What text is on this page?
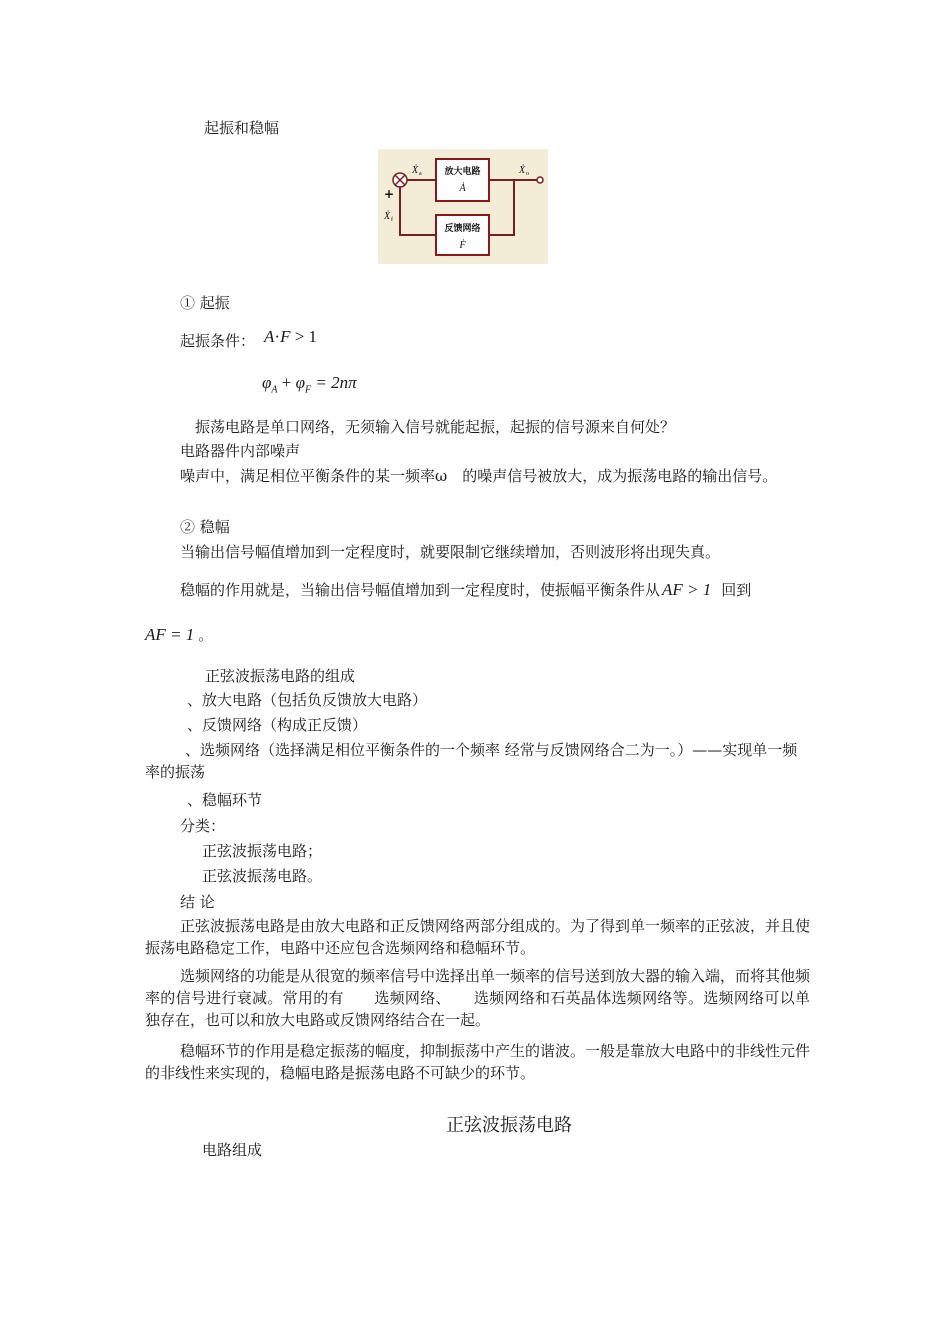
起振和稳幅
放大电路
Ȧ
反馈网络
Ḟ
Ẋ a	Ẋ o
Ẋ f
+
① 起振
起振条件： A·F > 1
$\varphi_A + \varphi_F = 2n\pi$
振荡电路是单口网络，无须输入信号就能起振，起振的信号源来自何处？
电路器件内部噪声
噪声中，满足相位平衡条件的某一频率ω　的噪声信号被放大，成为振荡电路的输出信号。
② 稳幅
当输出信号幅值增加到一定程度时，就要限制它继续增加，否则波形将出现失真。
稳幅的作用就是，当输出信号幅值增加到一定程度时，使振幅平衡条件从 AF > 1 回到
AF = 1 。
正弦波振荡电路的组成
、放大电路（包括负反馈放大电路）
、反馈网络（构成正反馈）
、选频网络（选择满足相位平衡条件的一个频率 经常与反馈网络合二为一。）——实现单一频率的振荡
、稳幅环节
分类：
正弦波振荡电路；
正弦波振荡电路。
结 论
正弦波振荡电路是由放大电路和正反馈网络两部分组成的。为了得到单一频率的正弦波，并且使振荡电路稳定工作，电路中还应包含选频网络和稳幅环节。
选频网络的功能是从很宽的频率信号中选择出单一频率的信号送到放大器的输入端，而将其他频率的信号进行衰减。常用的有　　选频网络、　　选频网络和石英晶体选频网络等。选频网络可以单独存在，也可以和放大电路或反馈网络结合在一起。
稳幅环节的作用是稳定振荡的幅度，抑制振荡中产生的谐波。一般是靠放大电路中的非线性元件的非线性来实现的，稳幅电路是振荡电路不可缺少的环节。
正弦波振荡电路
电路组成
